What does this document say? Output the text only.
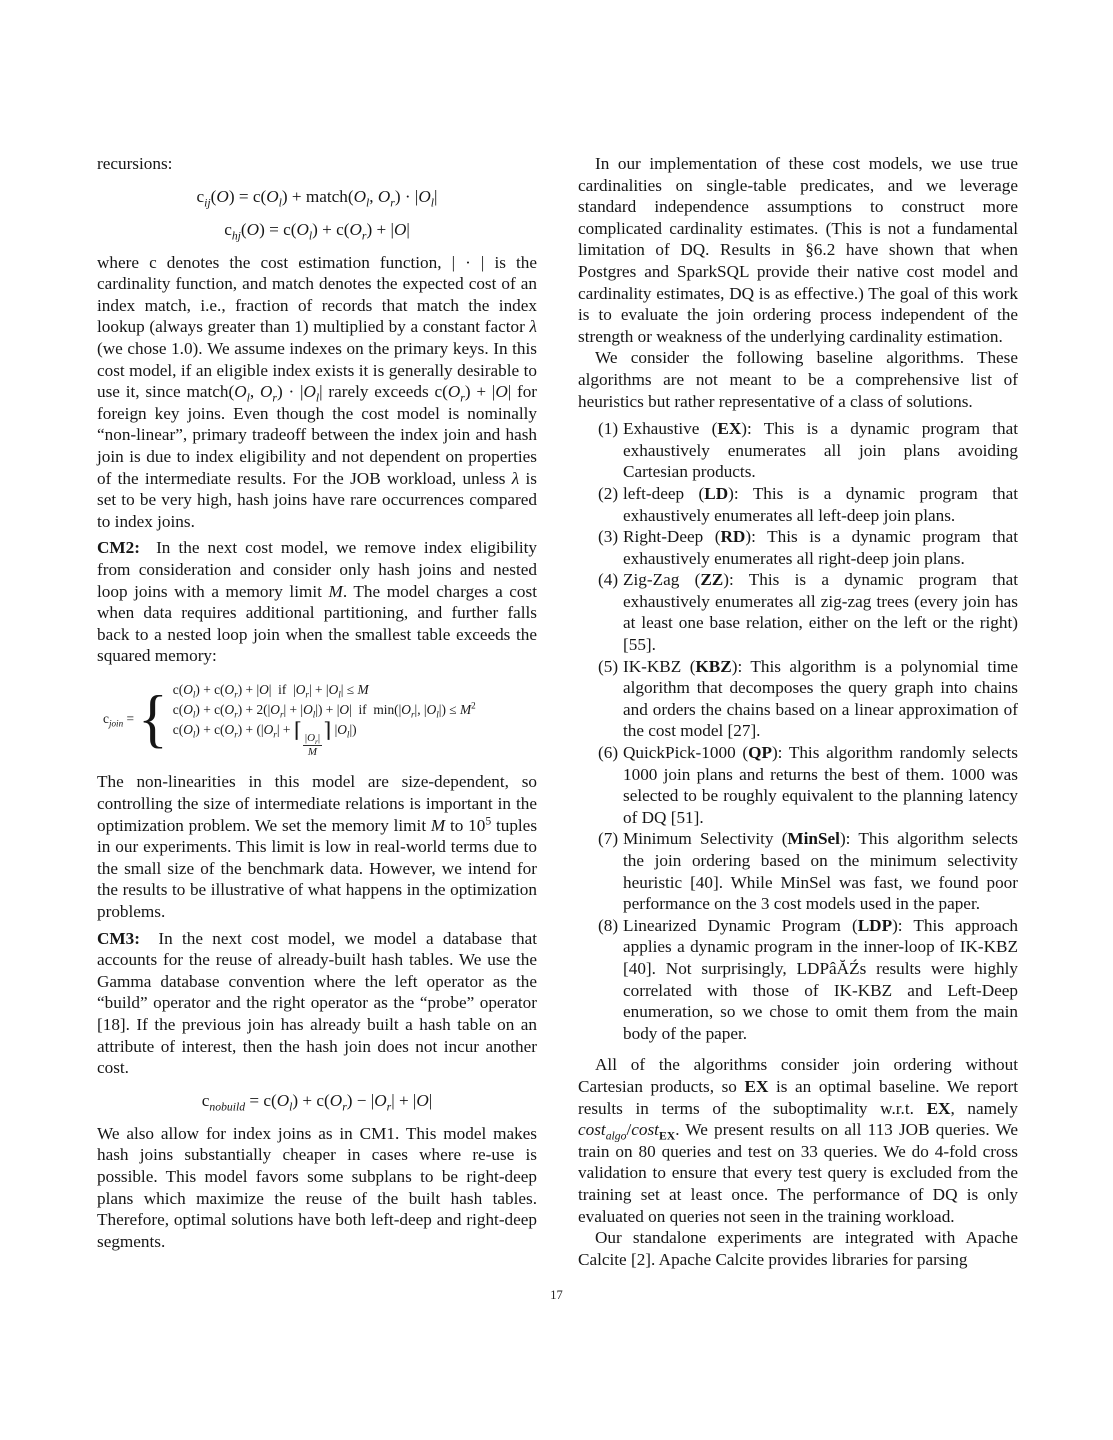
recursions:

$c_{ij}(O) = c(O_l)$ + $match(O_l$, $O_r) \cdot |O_l|$
$c_{hj}(O) = c(O_l) + c(O_r) + |O|$

where c denotes the cost estimation function, | · | is the cardinality function, and match denotes the expected cost of an index match, i.e., fraction of records that match the index lookup (always greater than 1) multiplied by a constant factor λ (we chose 1.0). We assume indexes on the primary keys. In this cost model, if an eligible index exists it is generally desirable to use it, since $match(O_l$, $O_r) \cdot |O_l|$ rarely exceeds $c(O_r) + |O|$ for foreign key joins. Even though the cost model is nominally “non-linear”, primary tradeoff between the index join and hash join is due to index eligibility and not dependent on properties of the intermediate results. For the JOB workload, unless λ is set to be very high, hash joins have rare occurrences compared to index joins.

CM2:  In the next cost model, we remove index eligibility from consideration and consider only hash joins and nested loop joins with a memory limit M. The model charges a cost when data requires additional partitioning, and further falls back to a nested loop join when the smallest table exceeds the squared memory:

$c_{join}$ = { $c(O_l) + c(O_r) + |O|$ if $|O_r| + |O_l| \le M$
$c(O_l) + c(O_r) + 2(|O_r| + |O_l|) + |O|$ if $\min(|O_r|$, $|O_l|) \le M^2$
$c(O_l) + c(O_r) + (|O_r|$ + ⌈
$\frac{|O_r|}{M}$
⌉ $|O_l|$)

The non-linearities in this model are size-dependent, so controlling the size of intermediate relations is important in the optimization problem. We set the memory limit M to $10^5$ tuples in our experiments. This limit is low in real-world terms due to the small size of the benchmark data. However, we intend for the results to be illustrative of what happens in the optimization problems.

CM3:  In the next cost model, we model a database that accounts for the reuse of already-built hash tables. We use the Gamma database convention where the left operator as the “build” operator and the right operator as the “probe” operator [18]. If the previous join has already built a hash table on an attribute of interest, then the hash join does not incur another cost.

$c_{nobuild} = c(O_l) + c(O_r) - |O_r| + |O|$

We also allow for index joins as in CM1. This model makes hash joins substantially cheaper in cases where re-use is possible. This model favors some subplans to be right-deep plans which maximize the reuse of the built hash tables. Therefore, optimal solutions have both left-deep and right-deep segments.

In our implementation of these cost models, we use true cardinalities on single-table predicates, and we leverage standard independence assumptions to construct more complicated cardinality estimates. (This is not a fundamental limitation of DQ. Results in §6.2 have shown that when Postgres and SparkSQL provide their native cost model and cardinality estimates, DQ is as effective.) The goal of this work is to evaluate the join ordering process independent of the strength or weakness of the underlying cardinality estimation.

We consider the following baseline algorithms. These algorithms are not meant to be a comprehensive list of heuristics but rather representative of a class of solutions.

(1) Exhaustive (EX): This is a dynamic program that exhaustively enumerates all join plans avoiding Cartesian products.
(2) left-deep (LD): This is a dynamic program that exhaustively enumerates all left-deep join plans.
(3) Right-Deep (RD): This is a dynamic program that exhaustively enumerates all right-deep join plans.
(4) Zig-Zag (ZZ): This is a dynamic program that exhaustively enumerates all zig-zag trees (every join has at least one base relation, either on the left or the right) [55].
(5) IK-KBZ (KBZ): This algorithm is a polynomial time algorithm that decomposes the query graph into chains and orders the chains based on a linear approximation of the cost model [27].
(6) QuickPick-1000 (QP): This algorithm randomly selects 1000 join plans and returns the best of them. 1000 was selected to be roughly equivalent to the planning latency of DQ [51].
(7) Minimum Selectivity (MinSel): This algorithm selects the join ordering based on the minimum selectivity heuristic [40]. While MinSel was fast, we found poor performance on the 3 cost models used in the paper.
(8) Linearized Dynamic Program (LDP): This approach applies a dynamic program in the inner-loop of IK-KBZ [40]. Not surprisingly, LDPâĂŹs results were highly correlated with those of IK-KBZ and Left-Deep enumeration, so we chose to omit them from the main body of the paper.

All of the algorithms consider join ordering without Cartesian products, so EX is an optimal baseline. We report results in terms of the suboptimality w.r.t. EX, namely cost$_{algo}$/cost$_{EX}$. We present results on all 113 JOB queries. We train on 80 queries and test on 33 queries. We do 4-fold cross validation to ensure that every test query is excluded from the training set at least once. The performance of DQ is only evaluated on queries not seen in the training workload.

Our standalone experiments are integrated with Apache Calcite [2]. Apache Calcite provides libraries for parsing

17
